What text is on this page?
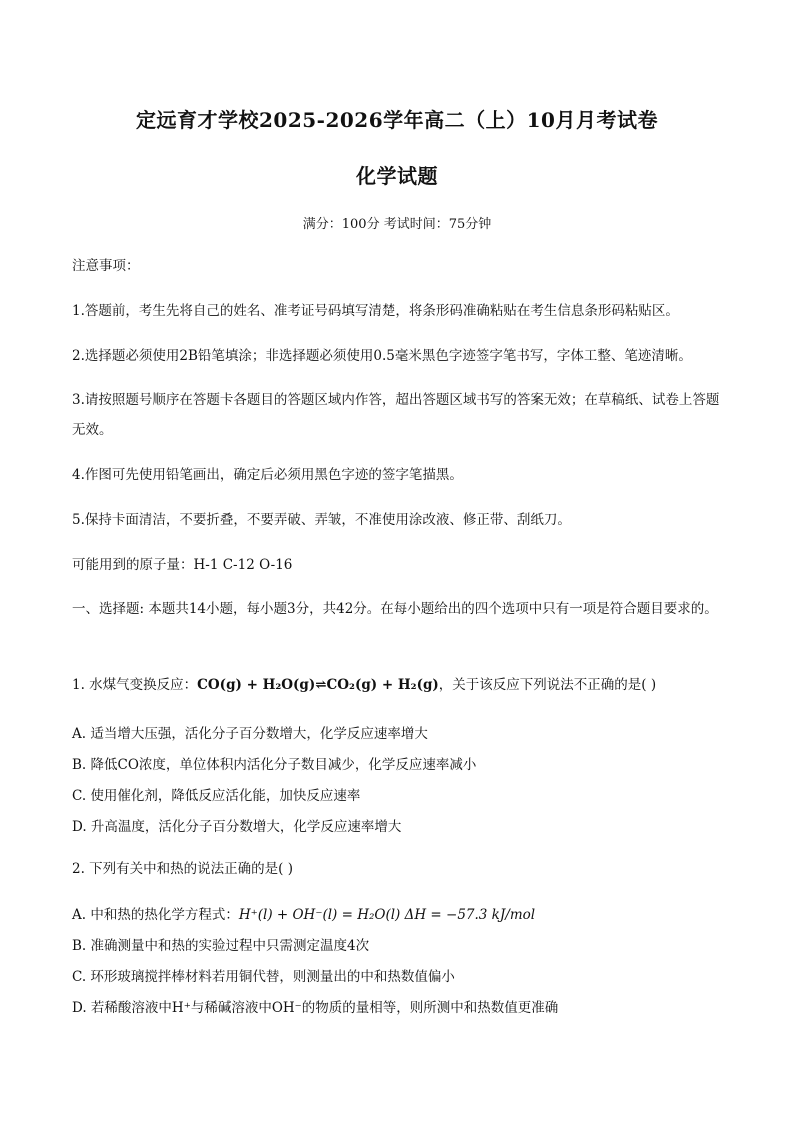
定远育才学校2025-2026学年高二（上）10月月考试卷
化学试题
满分：100分 考试时间：75分钟
注意事项：
1.答题前，考生先将自己的姓名、准考证号码填写清楚，将条形码准确粘贴在考生信息条形码粘贴区。
2.选择题必须使用2B铅笔填涂；非选择题必须使用0.5毫米黑色字迹签字笔书写，字体工整、笔迹清晰。
3.请按照题号顺序在答题卡各题目的答题区域内作答，超出答题区域书写的答案无效；在草稿纸、试卷上答题无效。
4.作图可先使用铅笔画出，确定后必须用黑色字迹的签字笔描黑。
5.保持卡面清洁，不要折叠，不要弄破、弄皱，不准使用涂改液、修正带、刮纸刀。
可能用到的原子量：H-1 C-12 O-16
一、选择题: 本题共14小题，每小题3分，共42分。在每小题给出的四个选项中只有一项是符合题目要求的。
1. 水煤气变换反应：CO(g) + H₂O(g)⇌CO₂(g) + H₂(g)，关于该反应下列说法不正确的是( )
A. 适当增大压强，活化分子百分数增大，化学反应速率增大
B. 降低CO浓度，单位体积内活化分子数目减少，化学反应速率减小
C. 使用催化剂，降低反应活化能，加快反应速率
D. 升高温度，活化分子百分数增大，化学反应速率增大
2. 下列有关中和热的说法正确的是( )
A. 中和热的热化学方程式：H⁺(l) + OH⁻(l) = H₂O(l) ΔH = −57.3 kJ/mol
B. 准确测量中和热的实验过程中只需测定温度4次
C. 环形玻璃搅拌棒材料若用铜代替，则测量出的中和热数值偏小
D. 若稀酸溶液中H⁺与稀碱溶液中OH⁻的物质的量相等，则所测中和热数值更准确
